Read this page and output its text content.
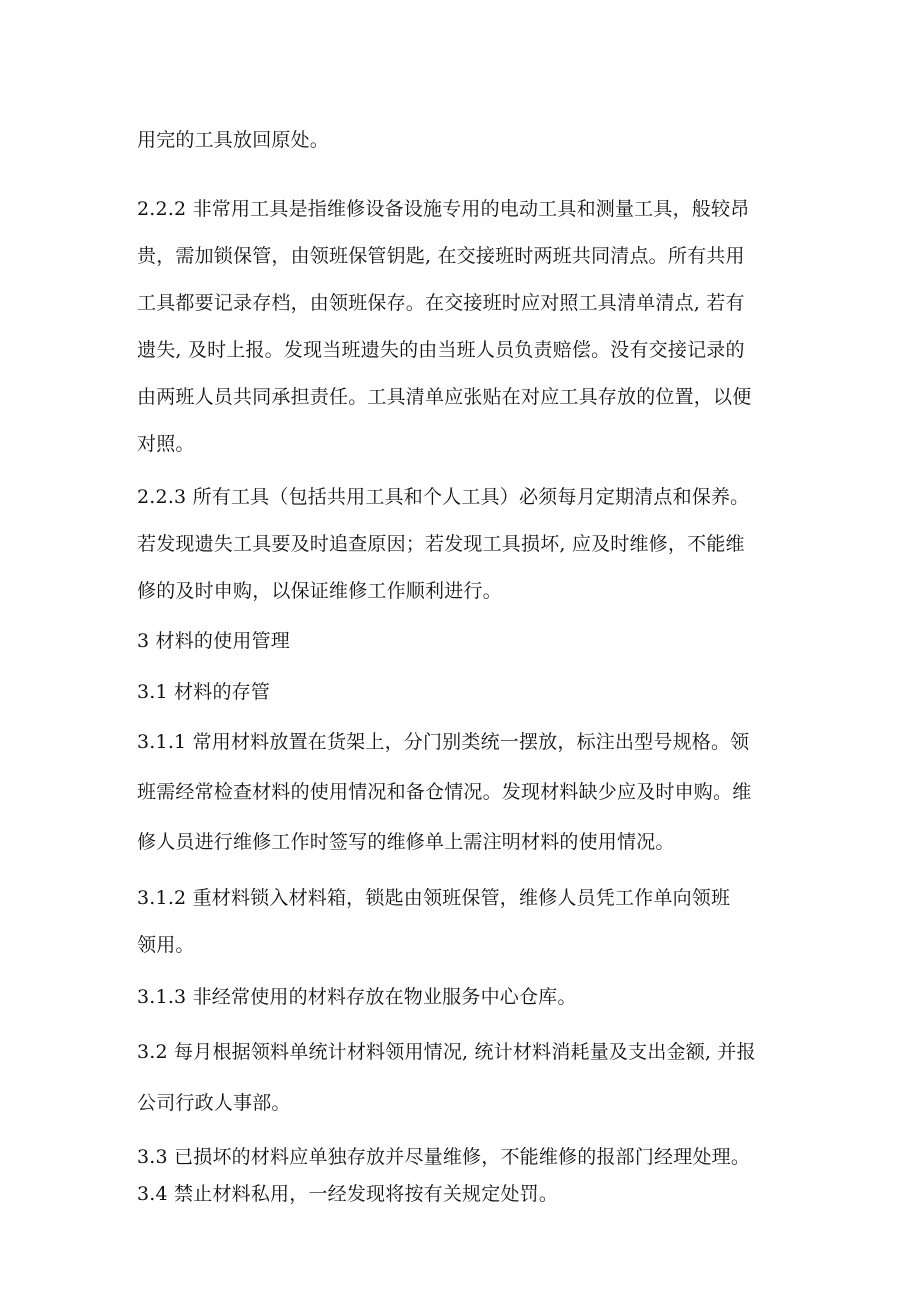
用完的工具放回原处。
2.2.2 非常用工具是指维修设备设施专用的电动工具和测量工具，般较昂
贵，需加锁保管，由领班保管钥匙, 在交接班时两班共同清点。所有共用
工具都要记录存档，由领班保存。在交接班时应对照工具清单清点, 若有
遗失, 及时上报。发现当班遗失的由当班人员负责赔偿。没有交接记录的
由两班人员共同承担责任。工具清单应张贴在对应工具存放的位置，以便
对照。
2.2.3 所有工具（包括共用工具和个人工具）必须每月定期清点和保养。
若发现遗失工具要及时追查原因；若发现工具损坏, 应及时维修，不能维
修的及时申购，以保证维修工作顺利进行。
3 材料的使用管理
3.1 材料的存管
3.1.1 常用材料放置在货架上，分门别类统一摆放，标注出型号规格。领
班需经常检查材料的使用情况和备仓情况。发现材料缺少应及时申购。维
修人员进行维修工作时签写的维修单上需注明材料的使用情况。
3.1.2 重材料锁入材料箱，锁匙由领班保管，维修人员凭工作单向领班
领用。
3.1.3 非经常使用的材料存放在物业服务中心仓库。
3.2 每月根据领料单统计材料领用情况, 统计材料消耗量及支出金额, 并报
公司行政人事部。
3.3 已损坏的材料应单独存放并尽量维修，不能维修的报部门经理处理。
3.4 禁止材料私用，一经发现将按有关规定处罚。
